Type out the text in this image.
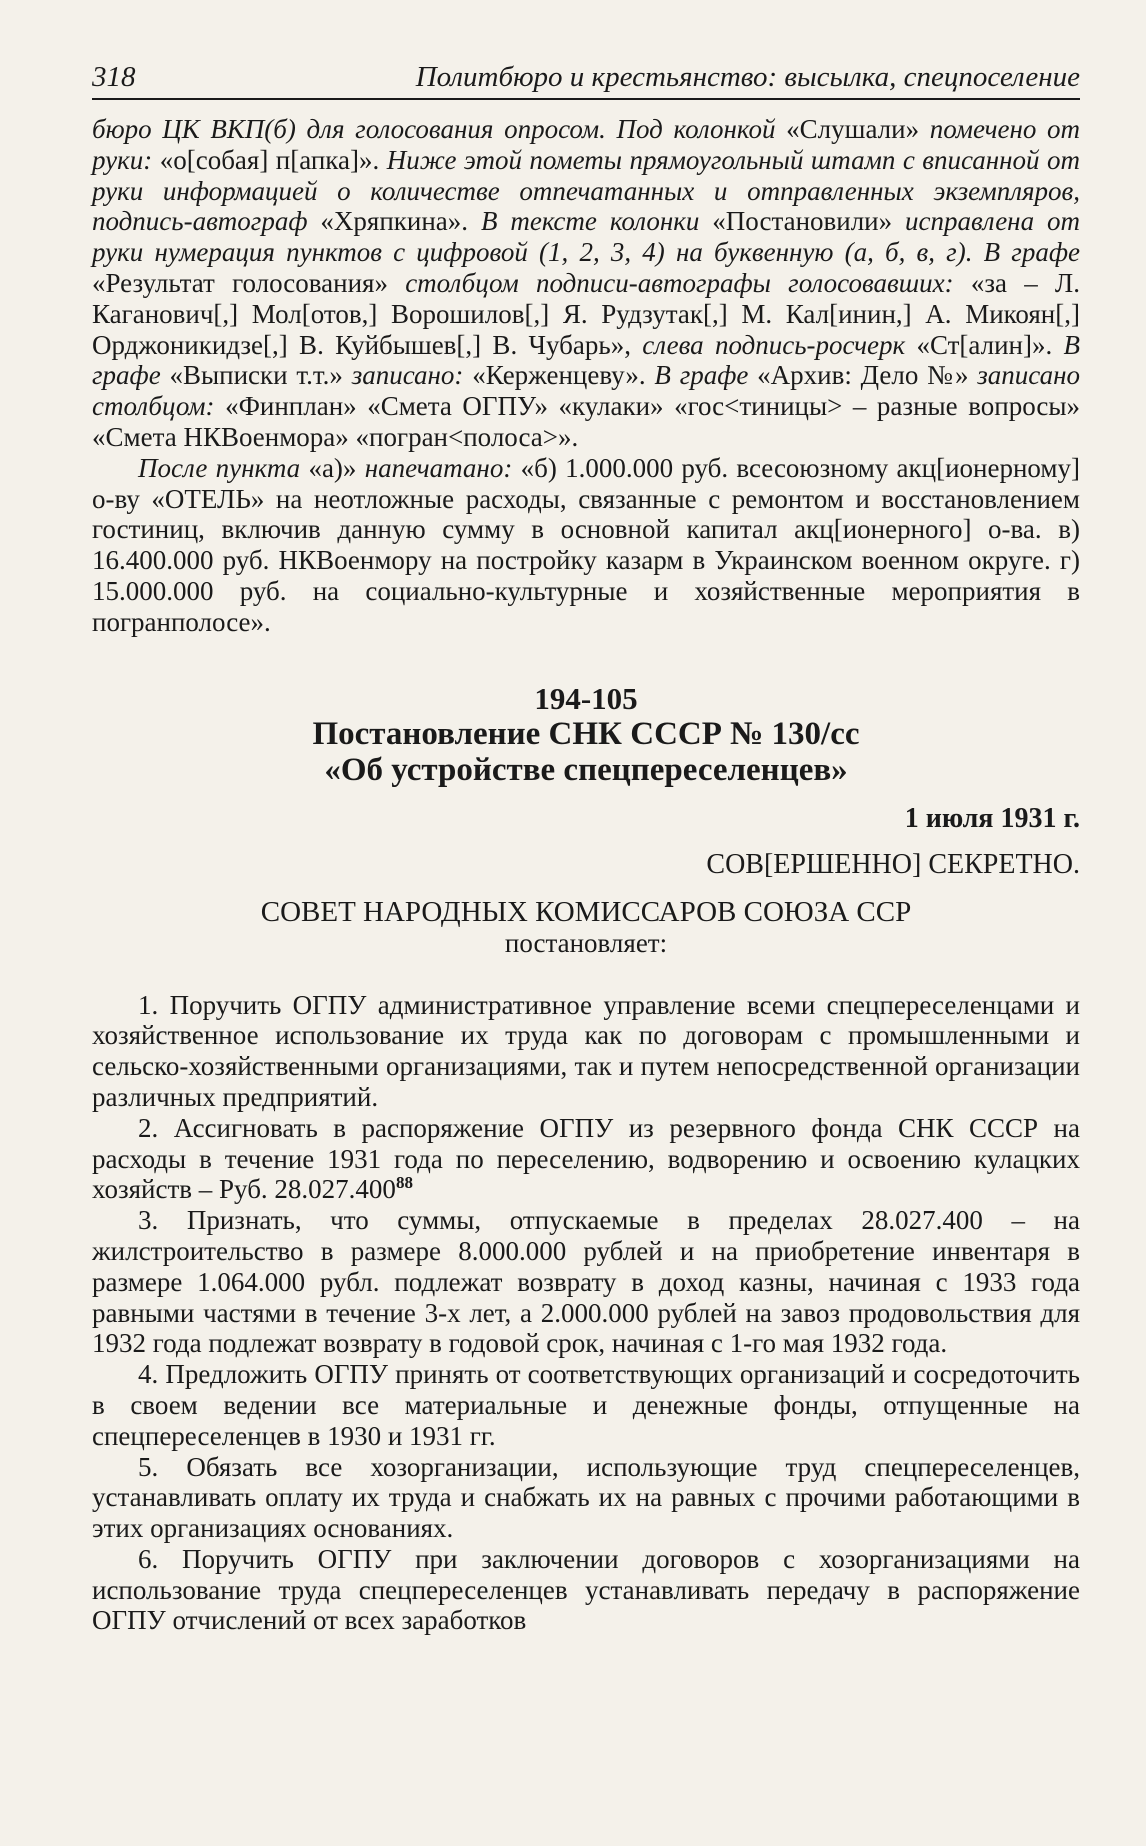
318	Политбюро и крестьянство: высылка, спецпоселение

бюро ЦК ВКП(б) для голосования опросом. Под колонкой «Слушали» помечено от руки: «о[собая] п[апка]». Ниже этой пометы прямоугольный штамп с вписанной от руки информацией о количестве отпечатанных и отправленных экземпляров, подпись-автограф «Хряпкина». В тексте колонки «Постановили» исправлена от руки нумерация пунктов с цифровой (1, 2, 3, 4) на буквенную (а, б, в, г). В графе «Результат голосования» столбцом подписи-автографы голосовавших: «за – Л. Каганович[,] Мол[отов,] Ворошилов[,] Я. Рудзутак[,] М. Кал[инин,] А. Микоян[,] Орджоникидзе[,] В. Куйбышев[,] В. Чубарь», слева подпись-росчерк «Ст[алин]». В графе «Выписки т.т.» записано: «Керженцеву». В графе «Архив: Дело №» записано столбцом: «Финплан» «Смета ОГПУ» «кулаки» «гос<тиницы> – разные вопросы» «Смета НКВоенмора» «погран<полоса>».

После пункта «а)» напечатано: «б) 1.000.000 руб. всесоюзному акц[ионерному] о-ву «ОТЕЛЬ» на неотложные расходы, связанные с ремонтом и восстановлением гостиниц, включив данную сумму в основной капитал акц[ионерного] о-ва. в) 16.400.000 руб. НКВоенмору на постройку казарм в Украинском военном округе. г) 15.000.000 руб. на социально-культурные и хозяйственные мероприятия в погранполосе».

194-105
Постановление СНК СССР № 130/сс
«Об устройстве спецпереселенцев»
1 июля 1931 г.
СОВ[ЕРШЕННО] СЕКРЕТНО.
СОВЕТ НАРОДНЫХ КОМИССАРОВ СОЮЗА ССР
постановляет:

1. Поручить ОГПУ административное управление всеми спецпереселенцами и хозяйственное использование их труда как по договорам с промышленными и сельско-хозяйственными организациями, так и путем непосредственной организации различных предприятий.

2. Ассигновать в распоряжение ОГПУ из резервного фонда СНК СССР на расходы в течение 1931 года по переселению, водворению и освоению кулацких хозяйств – Руб. 28.027.400$^{88}$

3. Признать, что суммы, отпускаемые в пределах 28.027.400 – на жилстроительство в размере 8.000.000 рублей и на приобретение инвентаря в размере 1.064.000 рубл. подлежат возврату в доход казны, начиная с 1933 года равными частями в течение 3-х лет, а 2.000.000 рублей на завоз продовольствия для 1932 года подлежат возврату в годовой срок, начиная с 1-го мая 1932 года.

4. Предложить ОГПУ принять от соответствующих организаций и сосредоточить в своем ведении все материальные и денежные фонды, отпущенные на спецпереселенцев в 1930 и 1931 гг.

5. Обязать все хозорганизации, использующие труд спецпереселенцев, устанавливать оплату их труда и снабжать их на равных с прочими работающими в этих организациях основаниях.

6. Поручить ОГПУ при заключении договоров с хозорганизациями на использование труда спецпереселенцев устанавливать передачу в распоряжение ОГПУ отчислений от всех заработков
